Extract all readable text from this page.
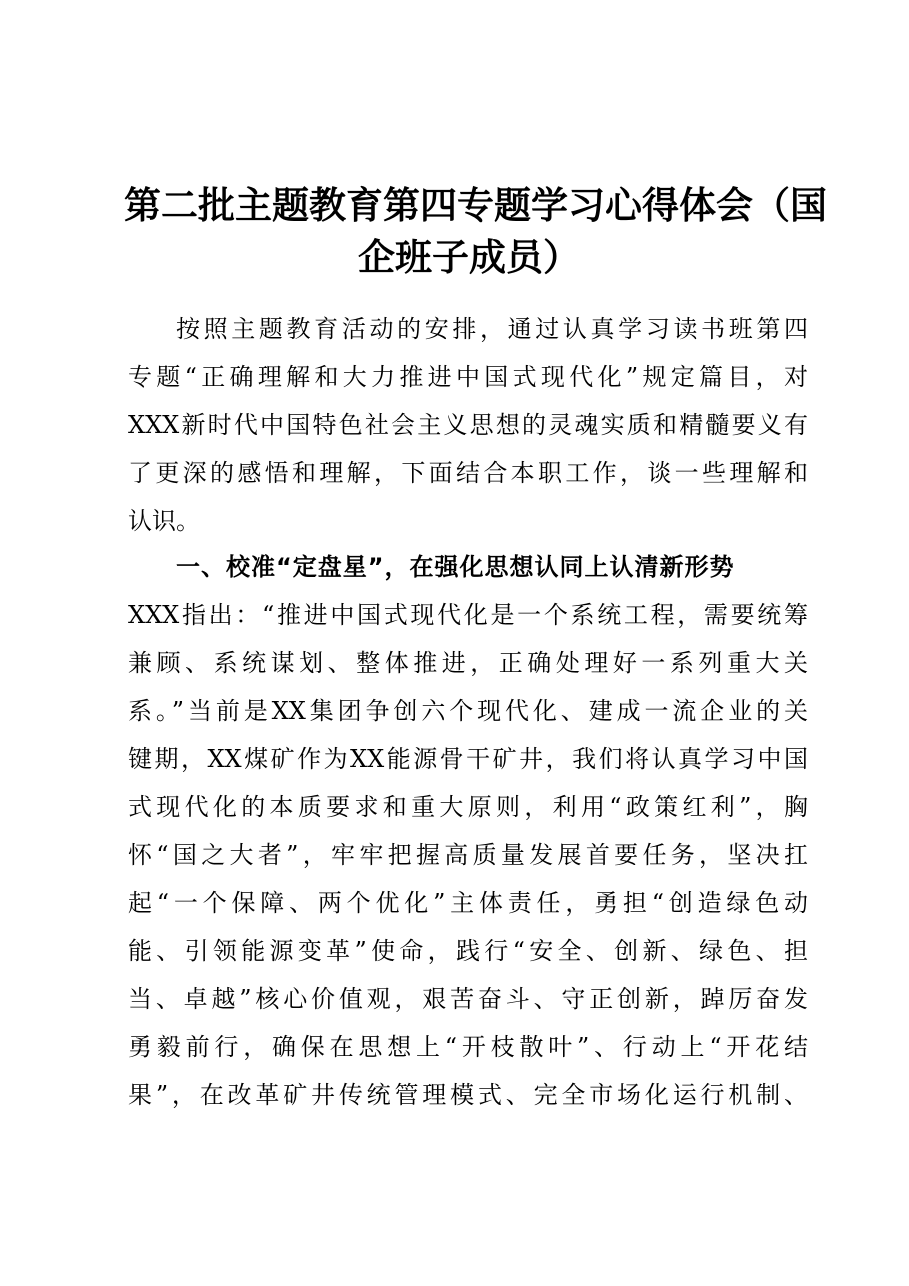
第二批主题教育第四专题学习心得体会（国
企班子成员）
按照主题教育活动的安排，通过认真学习读书班第四
专题“正确理解和大力推进中国式现代化”规定篇目，对
XXX新时代中国特色社会主义思想的灵魂实质和精髓要义有
了更深的感悟和理解，下面结合本职工作，谈一些理解和
认识。
一、校准“定盘星”，在强化思想认同上认清新形势
XXX指出：“推进中国式现代化是一个系统工程，需要统筹
兼顾、系统谋划、整体推进，正确处理好一系列重大关
系。”当前是XX集团争创六个现代化、建成一流企业的关
键期，XX煤矿作为XX能源骨干矿井，我们将认真学习中国
式现代化的本质要求和重大原则，利用“政策红利”，胸
怀“国之大者”，牢牢把握高质量发展首要任务，坚决扛
起“一个保障、两个优化”主体责任，勇担“创造绿色动
能、引领能源变革”使命，践行“安全、创新、绿色、担
当、卓越”核心价值观，艰苦奋斗、守正创新，踔厉奋发
勇毅前行，确保在思想上“开枝散叶”、行动上“开花结
果”，在改革矿井传统管理模式、完全市场化运行机制、
